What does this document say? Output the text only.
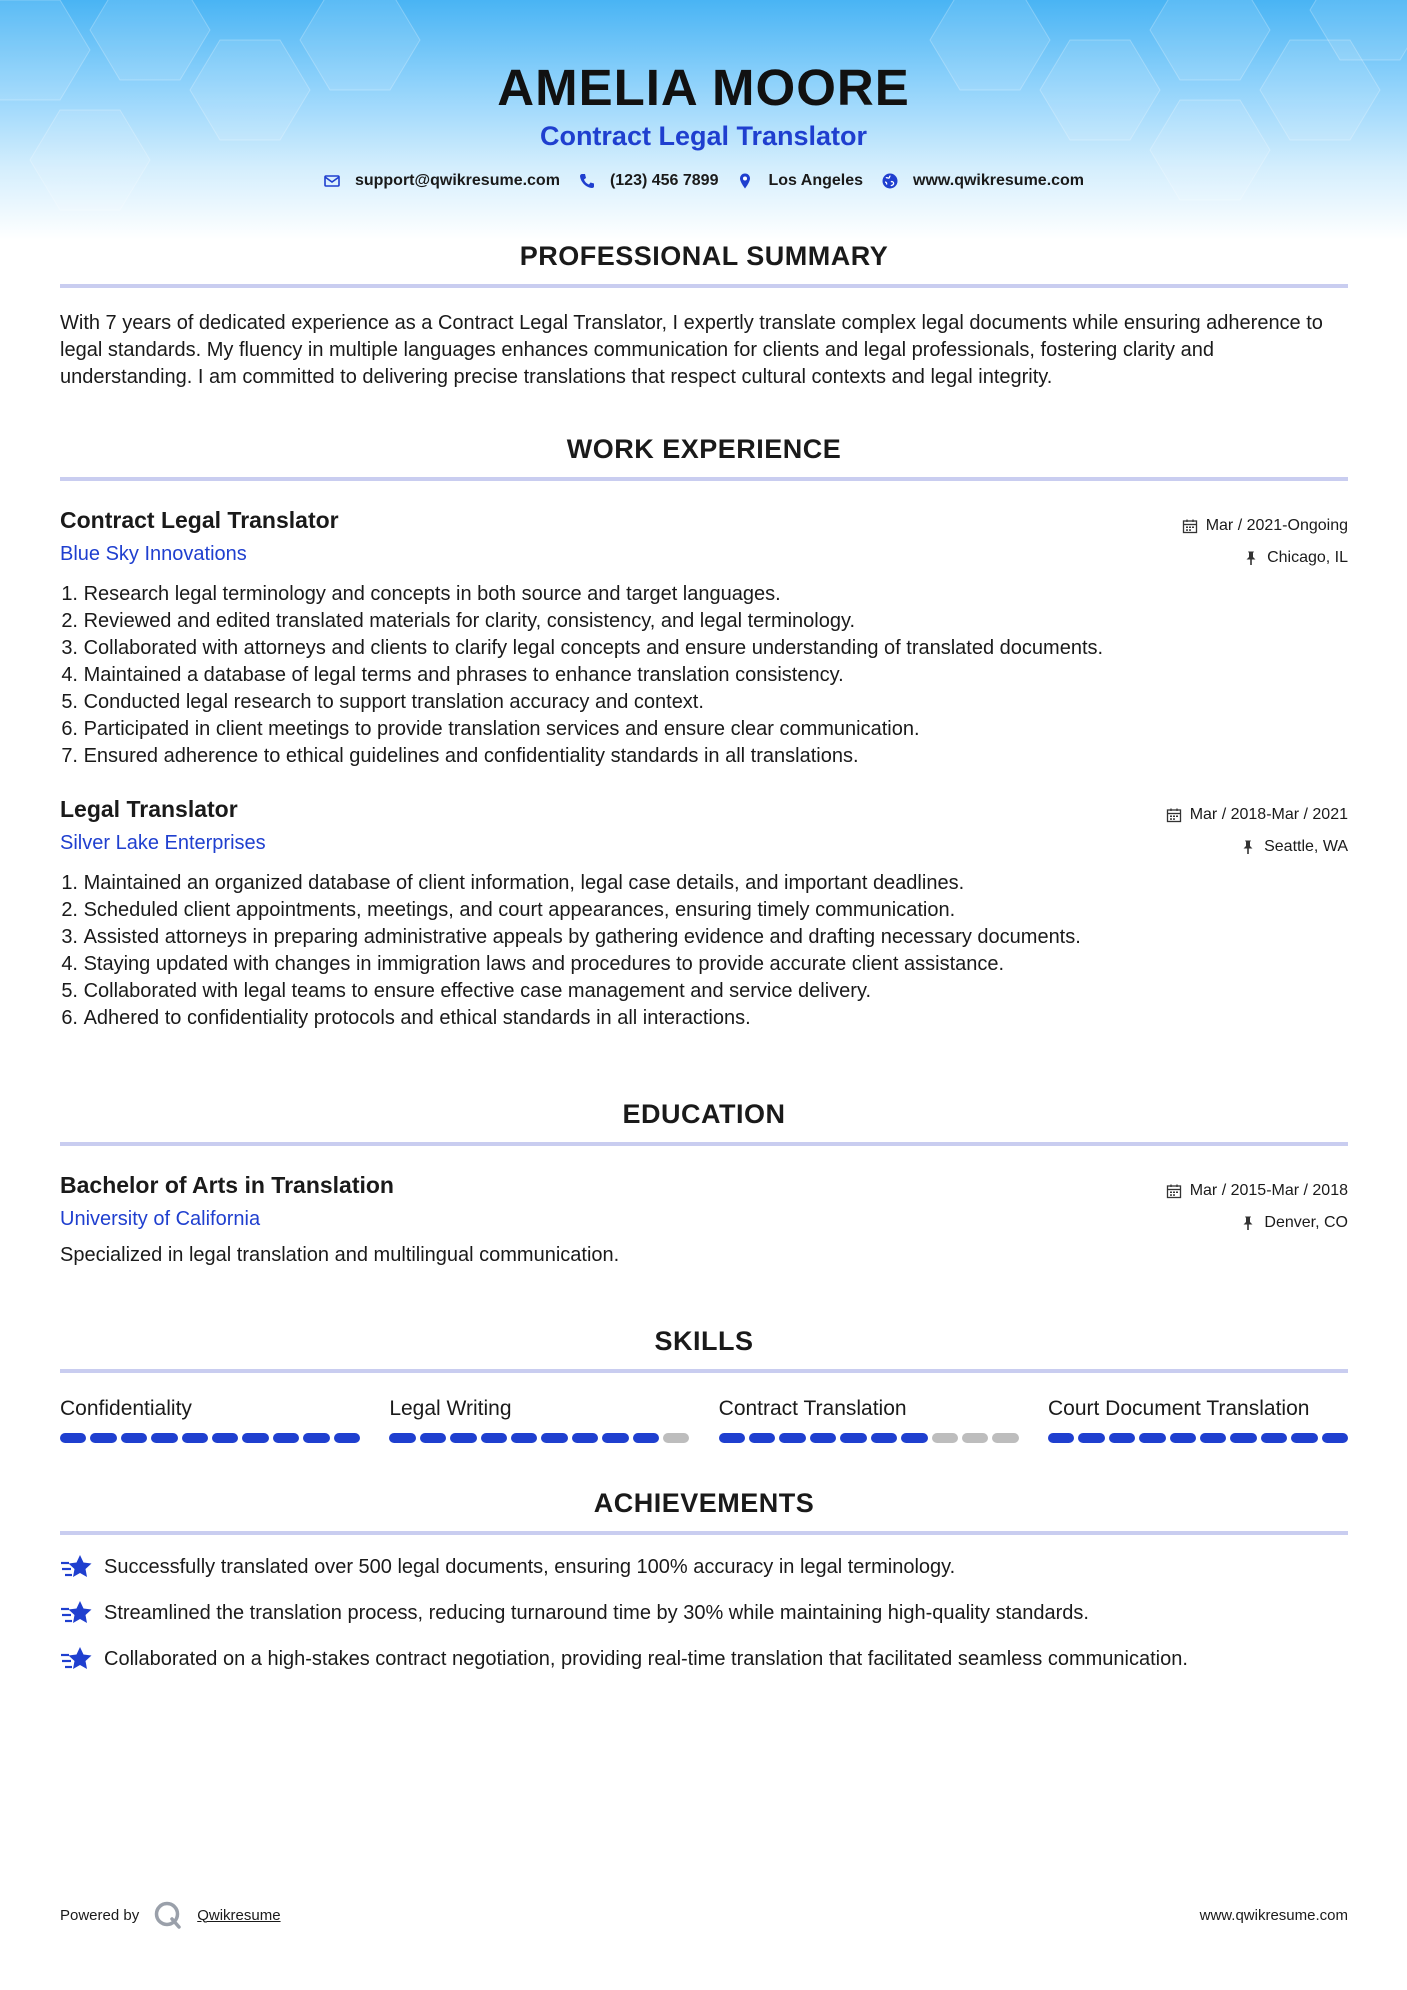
AMELIA MOORE
Contract Legal Translator
support@qwikresume.com	(123) 456 7899	Los Angeles	www.qwikresume.com
PROFESSIONAL SUMMARY

With 7 years of dedicated experience as a Contract Legal Translator, I expertly translate complex legal documents while ensuring adherence to legal standards. My fluency in multiple languages enhances communication for clients and legal professionals, fostering clarity and understanding. I am committed to delivering precise translations that respect cultural contexts and legal integrity.

WORK EXPERIENCE
Contract Legal Translator	Mar / 2021-Ongoing
Blue Sky Innovations	Chicago, IL
1.
Research legal terminology and concepts in both source and target languages.
2.
Reviewed and edited translated materials for clarity, consistency, and legal terminology.
3.
Collaborated with attorneys and clients to clarify legal concepts and ensure understanding of translated documents.
4.
Maintained a database of legal terms and phrases to enhance translation consistency.
5.
Conducted legal research to support translation accuracy and context.
6.
Participated in client meetings to provide translation services and ensure clear communication.
7.
Ensured adherence to ethical guidelines and confidentiality standards in all translations.
Legal Translator	Mar / 2018-Mar / 2021
Silver Lake Enterprises	Seattle, WA
1.
Maintained an organized database of client information, legal case details, and important deadlines.
2.
Scheduled client appointments, meetings, and court appearances, ensuring timely communication.
3.
Assisted attorneys in preparing administrative appeals by gathering evidence and drafting necessary documents.
4.
Staying updated with changes in immigration laws and procedures to provide accurate client assistance.
5.
Collaborated with legal teams to ensure effective case management and service delivery.
6.
Adhered to confidentiality protocols and ethical standards in all interactions.
EDUCATION
Bachelor of Arts in Translation	Mar / 2015-Mar / 2018
University of California	Denver, CO

Specialized in legal translation and multilingual communication.

SKILLS
Confidentiality	Legal Writing	Contract Translation	Court Document Translation
ACHIEVEMENTS
Successfully translated over 500 legal documents, ensuring 100% accuracy in legal terminology.
Streamlined the translation process, reducing turnaround time by 30% while maintaining high-quality standards.
Collaborated on a high-stakes contract negotiation, providing real-time translation that facilitated seamless communication.
Powered by	Qwikresume	www.qwikresume.com
